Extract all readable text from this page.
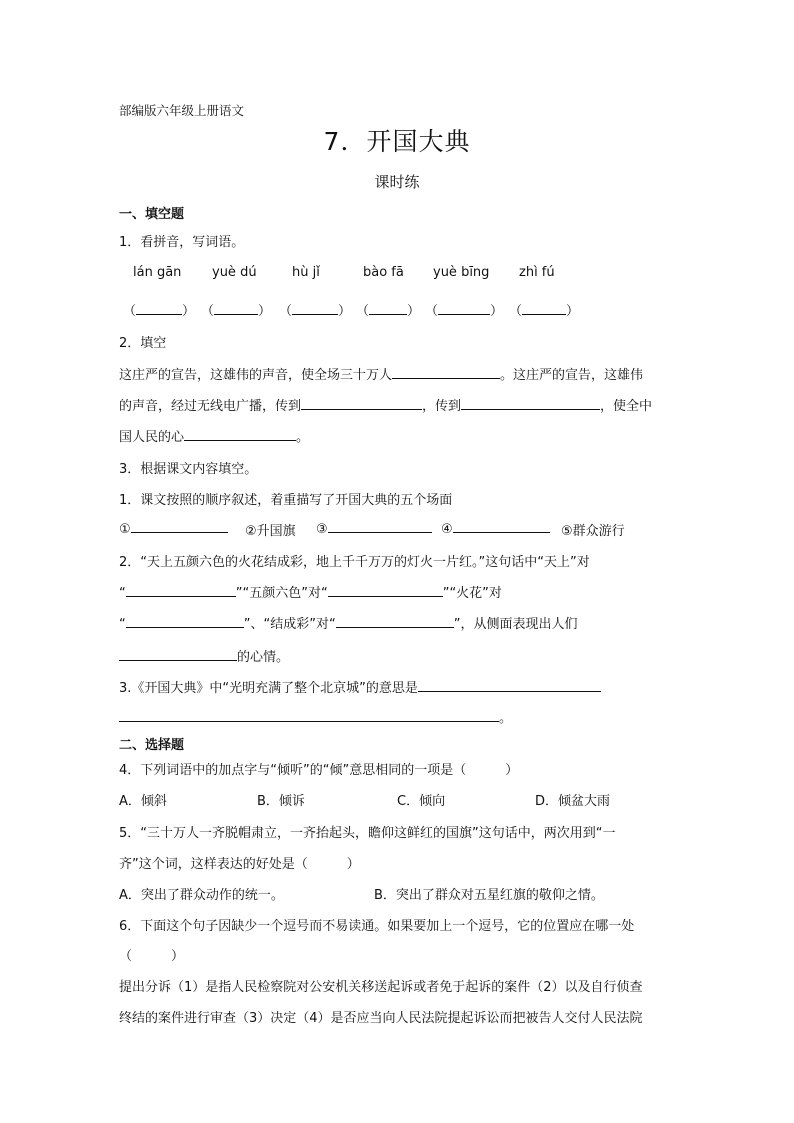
部编版六年级上册语文
7．开国大典
课时练
一、填空题
1．看拼音，写词语。
lán gān yuè dú	hù jǐ	bào fā yuè bīng zhì fú
（	） （	） （	） （	） （	） （	）
2．填空
这庄严的宣告，这雄伟的声音，使全场三十万人	。这庄严的宣告，这雄伟
的声音，经过无线电广播，传到	，传到	，使全中
国人民的心	。
3．根据课文内容填空。
1．课文按照的顺序叙述，着重描写了开国大典的五个场面
①	②升国旗 ③	④	⑤群众游行
2．“天上五颜六色的火花结成彩，地上千千万万的灯火一片红。”这句话中“天上”对
“	”“五颜六色”对“	”“火花”对
“	”、“结成彩”对“	”，从侧面表现出人们
的心情。
3.《开国大典》中“光明充满了整个北京城”的意思是
。
二、选择题
4．下列词语中的加点字与“倾听”的“倾”意思相同的一项是（　　　）
A．倾斜	B．倾诉	C．倾向	D．倾盆大雨
5．“三十万人一齐脱帽肃立，一齐抬起头，瞻仰这鲜红的国旗”这句话中，两次用到“一
齐”这个词，这样表达的好处是（　　　）
A．突出了群众动作的统一。	B．突出了群众对五星红旗的敬仰之情。
6．下面这个句子因缺少一个逗号而不易读通。如果要加上一个逗号，它的位置应在哪一处
（　　　）
提出分诉（1）是指人民检察院对公安机关移送起诉或者免于起诉的案件（2）以及自行侦查
终结的案件进行审查（3）决定（4）是否应当向人民法院提起诉讼而把被告人交付人民法院
